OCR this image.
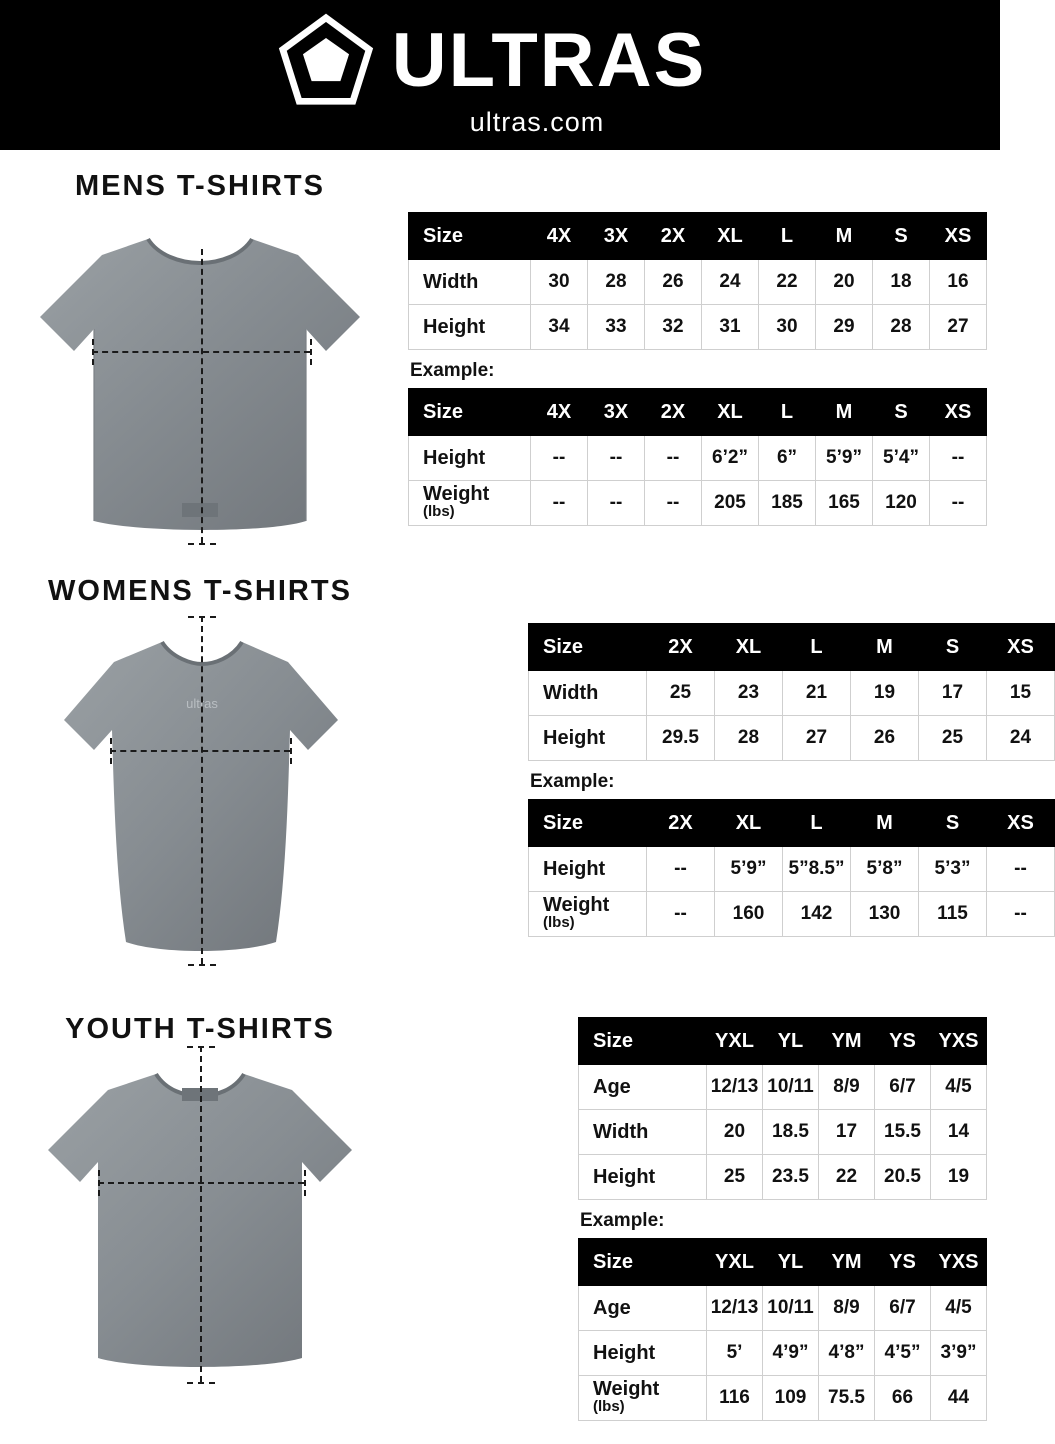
ULTRAS
ultras.com
MENS T-SHIRTS
Size	4X	3X	2X	XL	L	M	S	XS
Width	30	28	26	24	22	20	18	16
Height	34	33	32	31	30	29	28	27
Example:
Size	4X	3X	2X	XL	L	M	S	XS
Height	--	--	--	6’2”	6”	5’9”	5’4”	--
Weight
(lbs)	--	--	--	205	185	165	120	--
WOMENS T-SHIRTS
ultras
Size	2X	XL	L	M	S	XS
Width	25	23	21	19	17	15
Height	29.5	28	27	26	25	24
Example:
Size	2X	XL	L	M	S	XS
Height	--	5’9”	5”8.5”	5’8”	5’3”	--
Weight
(lbs)	--	160	142	130	115	--
YOUTH T-SHIRTS	Size	YXL	YL	YM	YS	YXS
Age	12/13	10/11	8/9	6/7	4/5
Width	20	18.5	17	15.5	14
Height	25	23.5	22	20.5	19
Example:
Size	YXL	YL	YM	YS	YXS
Age	12/13	10/11	8/9	6/7	4/5
Height	5’	4’9”	4’8”	4’5”	3’9”
Weight
(lbs)	116	109	75.5	66	44
